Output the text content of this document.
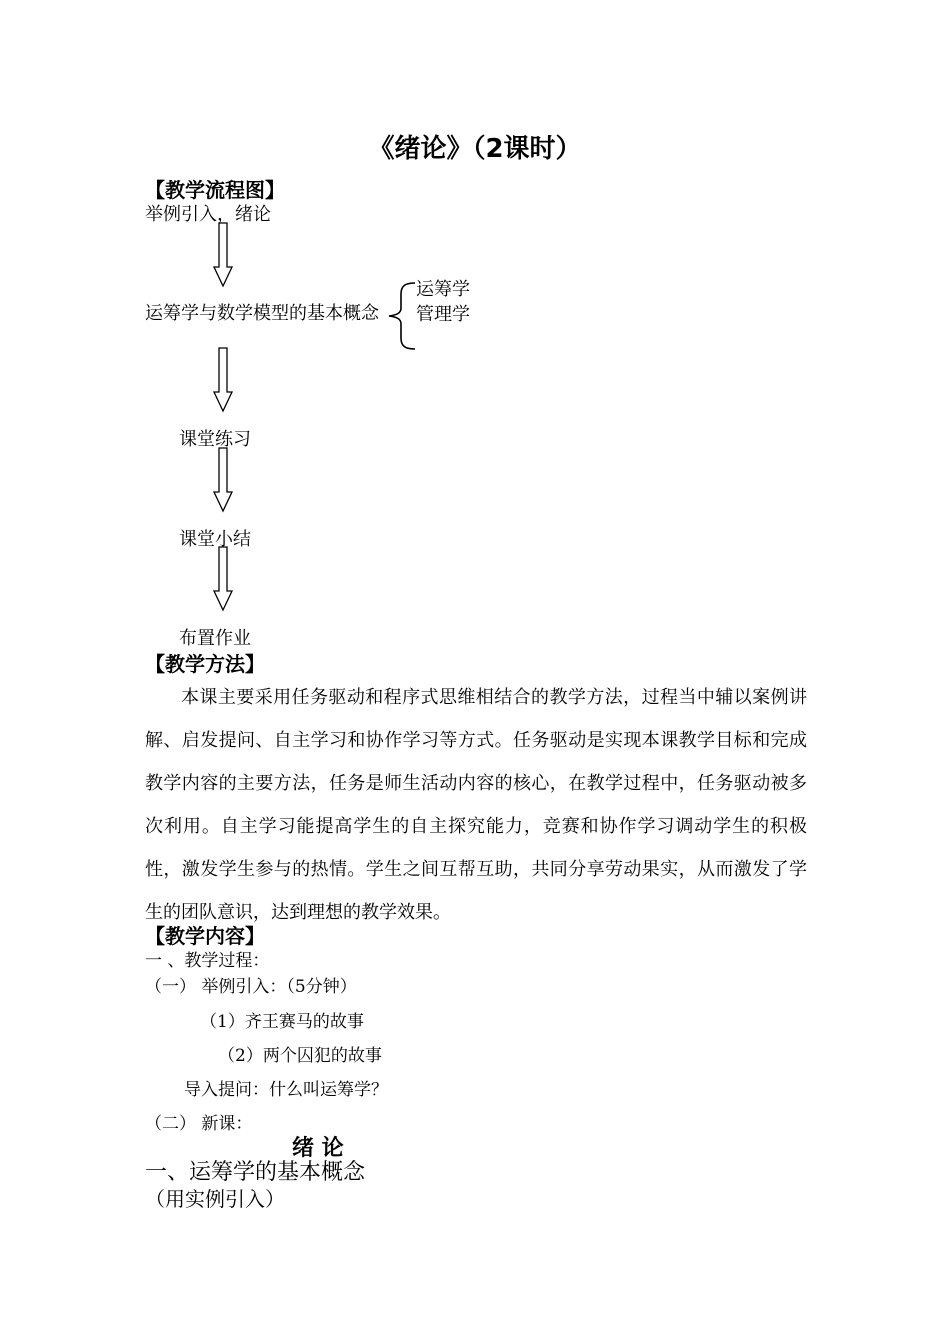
《绪论》（2课时）
【教学流程图】
举例引入，绪论
运筹学与数学模型的基本概念
运筹学
管理学
课堂练习
课堂小结
布置作业
【教学方法】
本课主要采用任务驱动和程序式思维相结合的教学方法，过程当中辅以案例讲解、启发提问、自主学习和协作学习等方式。任务驱动是实现本课教学目标和完成教学内容的主要方法，任务是师生活动内容的核心，在教学过程中，任务驱动被多次利用。自主学习能提高学生的自主探究能力，竞赛和协作学习调动学生的积极性，激发学生参与的热情。学生之间互帮互助，共同分享劳动果实，从而激发了学生的团队意识，达到理想的教学效果。
【教学内容】
一 、教学过程：
（一） 举例引入：（5分钟）
（1）齐王赛马的故事
（2）两个囚犯的故事
导入提问：什么叫运筹学？
（二） 新课：
绪 论
一、运筹学的基本概念
（用实例引入）
